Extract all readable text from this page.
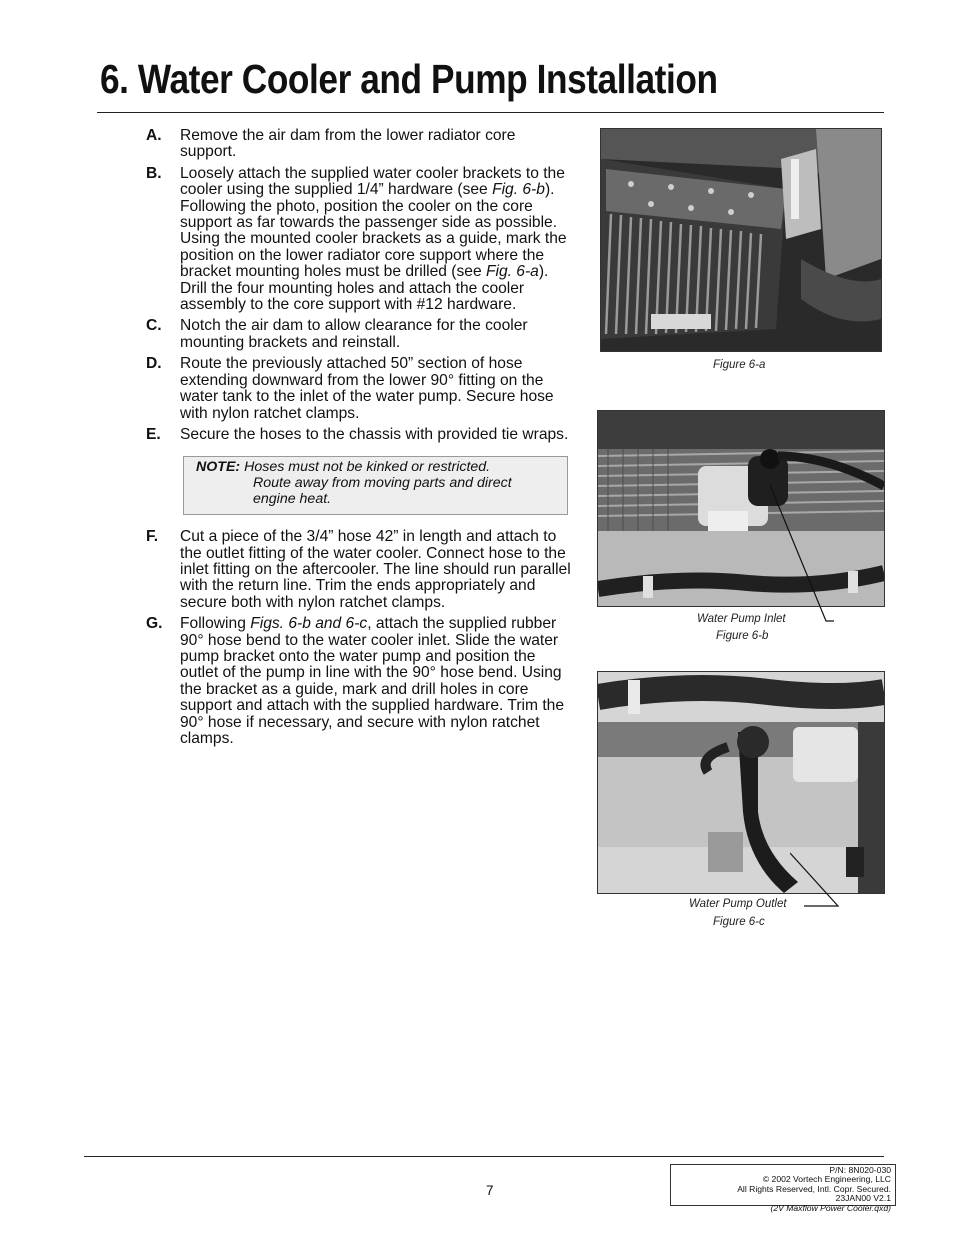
6. Water Cooler and Pump Installation
A.	Remove the air dam from the lower radiator core support.
B.	Loosely attach the supplied water cooler brackets to the cooler using the supplied 1/4” hardware (see Fig. 6-b). Following the photo, position the cooler on the core support as far towards the passenger side as possible. Using the mounted cooler brackets as a guide, mark the position on the lower radiator core support where the bracket mounting holes must be drilled (see Fig. 6-a). Drill the four mounting holes and attach the cooler assembly to the core support with #12 hardware.
C.	Notch the air dam to allow clearance for the cooler mounting brackets and reinstall.
D.	Route the previously attached 50” section of hose extending downward from the lower 90° fitting on the water tank to the inlet of the water pump. Secure hose with nylon ratchet clamps.
E.	Secure the hoses to the chassis with provided tie wraps.
NOTE: Hoses must not be kinked or restricted.
Route away from moving parts and direct engine heat.
F.	Cut a piece of the 3/4” hose 42” in length and attach to the outlet fitting of the water cooler. Connect hose to the inlet fitting on the aftercooler. The line should run parallel with the return line. Trim the ends appropriately and secure both with nylon ratchet clamps.
G.	Following Figs. 6-b and 6-c, attach the supplied rubber 90° hose bend to the water cooler inlet. Slide the water pump bracket onto the water pump and position the outlet of the pump in line with the 90° hose bend. Using the bracket as a guide, mark and drill holes in core support and attach with the supplied hardware. Trim the 90° hose if necessary, and secure with nylon ratchet clamps.
Figure 6-a
Water Pump Inlet
Figure 6-b
Water Pump Outlet
Figure 6-c
7
P/N: 8N020-030
© 2002 Vortech Engineering, LLC
All Rights Reserved, Intl. Copr. Secured.
23JAN00 V2.1
(2V Maxflow Power Cooler.qxd)
